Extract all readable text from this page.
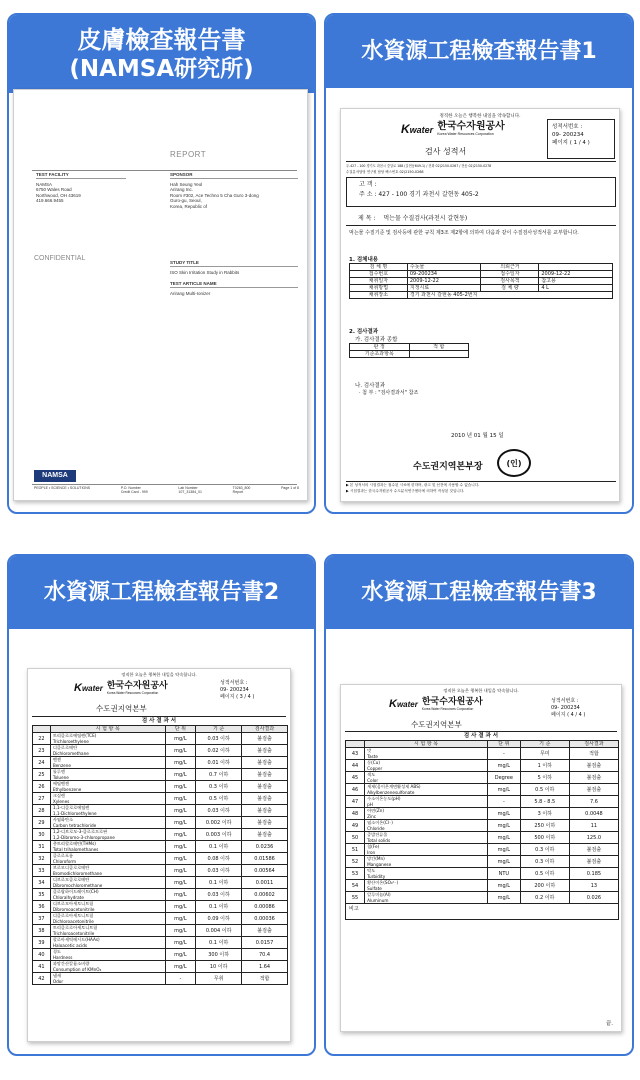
皮膚檢查報告書
(NAMSA研究所)
REPORT
TEST FACILITY
NAMSA
6750 Wales Road
Northwood, OH 43619
419.666.9455
SPONSOR
Hah Seung Yeol
Arirang Inc.
Room #302, Ace Techno 5 Cha Guro 3-dong
Guro-gu, Seoul,
Korea, Republic of
CONFIDENTIAL
STUDY TITLE
ISO Skin Irritation Study in Rabbits
TEST ARTICLE NAME
Arirang Multi-Ionizer
NAMSA
PEOPLE • SCIENCE • SOLUTIONS	P.O. Number
Credit Card - 999
Lab Number
10T_31384_01
T0263_800
Report
Page 1 of 8
水資源工程檢查報告書1
정직한 오늘은 행복한 내일을 약속합니다.
Kwater 한국수자원공사
Korea Water Resources Corporation
검사 성적서
성적서번호 :
09- 200234
페이지 ( 1 / 4 )
우.427 - 100 경기도 과천시 중앙로 188 (갈현동649-1) / 전화 02)2150-0267 / 전송 02)2150-0278
수질분석담당 연구원 담당 팩스번호 02)2150-0268
고 객 :
주 소 : 427 - 100 경기 과천시 갈현동 405-2
제 목 : 먹는물 수질검사(과천시 갈현동)
먹는물 수질기준 및 검사등에 관한 규칙 제3조 제2항에 의하여 다음과 같이 수질검사성적서를 교부합니다.
1. 검체내용
검 체 명	수돗물	의뢰근거	
접수번호	09-200234	접수일자	2009-12-22
채취일자	2009-12-22	검사목적	참고용
채취방법	지정시료	검 체 량	4 L
채취장소	경기 과천시 갈현동 405-2번지		
2. 검사결과
가. 검사결과 종합
판 정	적 합
기준초과항목	
나. 검사결과
· 첨 부 : "검사결과서" 참조
2010 년 01 월 15 일
수도권지역본부장	(인)
▶ 본 성적서의 시험결과는 접수된 시료에 한하며, 광고 및 선전에 사용할 수 없습니다.
▶ 시험결과는 한국수자원공사 수도분석연구센터에 의하여 작성된 것입니다.
水資源工程檢查報告書2
정직한 오늘은 행복한 내일을 약속합니다.
Kwater 한국수자원공사
Korea Water Resources Corporation
수도권지역본부
성적서번호 :
09- 200234
페이지 ( 3 / 4 )
검 사 결 과 서
	시 험 항 목	단 위	기 준	검사결과
22	트리클로로에틸렌(TCE)
Trichloroethylene	mg/L	0.03 이하	불검출
23	디클로로메탄
Dichloromethane	mg/L	0.02 이하	불검출
24	벤젠
Benzene	mg/L	0.01 이하	불검출
25	톨루엔
Toluene	mg/L	0.7 이하	불검출
26	에틸벤젠
Ethylbenzene	mg/L	0.3 이하	불검출
27	크실렌
Xylenes	mg/L	0.5 이하	불검출
28	1,1-디클로로에틸렌
1,1-Dichloroethylene	mg/L	0.03 이하	불검출
29	사염화탄소
Carbon tetrachloride	mg/L	0.002 이하	불검출
30	1,2-디브로모-3-클로로프로판
1,2-Dibromo-3-chloropropane	mg/L	0.003 이하	불검출
31	총트리할로메탄(THMs)
Total trihalomethanes	mg/L	0.1 이하	0.0236
32	클로로포름
Chloroform	mg/L	0.08 이하	0.01586
33	브로모디클로로메탄
Bromodichloromethane	mg/L	0.03 이하	0.00564
34	디브로모클로로메탄
Dibromochloromethane	mg/L	0.1 이하	0.0011
35	클로랄하이드레이트(CH)
Chloralhydrate	mg/L	0.03 이하	0.00602
36	디브로모아세토니트릴
Dibromoacetonitrile	mg/L	0.1 이하	0.00086
37	디클로로아세토니트릴
Dichloroacetonitrile	mg/L	0.09 이하	0.00036
38	트리클로로아세토니트릴
Trichloroacetonitrile	mg/L	0.004 이하	불검출
39	할로아세틱에시드(HAAs)
Haloacetic acids	mg/L	0.1 이하	0.0157
40	경도
Hardness	mg/L	300 이하	70.4
41	과망간산칼륨소비량
Consumption of KMnO₄	mg/L	10 이하	1.64
42	냄새
Odor	-	무취	적합
水資源工程檢查報告書3
정직한 오늘은 행복한 내일을 약속합니다.
Kwater 한국수자원공사
Korea Water Resources Corporation
수도권지역본부
성적서번호 :
09- 200234
페이지 ( 4 / 4 )
검 사 결 과 서
	시 험 항 목	단 위	기 준	검사결과
43	맛
Taste	-	무미	적합
44	동(Cu)
Copper	mg/L	1 이하	불검출
45	색도
Color	Degree	5 이하	불검출
46	세제(음이온계면활성제 ABS)
Alkylbenzenesulfonate	mg/L	0.5 이하	불검출
47	수소이온농도(pH)
pH	-	5.8 - 8.5	7.6
48	아연(Zn)
Zinc	mg/L	3 이하	0.0048
49	염소이온(Cl⁻)
Chloride	mg/L	250 이하	11
50	증발잔류물
Total solids	mg/L	500 이하	125.0
51	철(Fe)
Iron	mg/L	0.3 이하	불검출
52	망간(Mn)
Manganese	mg/L	0.3 이하	불검출
53	탁도
Turbidity	NTU	0.5 이하	0.185
54	황산이온(SO₄²⁻)
Sulfate	mg/L	200 이하	13
55	알루미늄(Al)
Aluminum	mg/L	0.2 이하	0.026
비고
끝.
